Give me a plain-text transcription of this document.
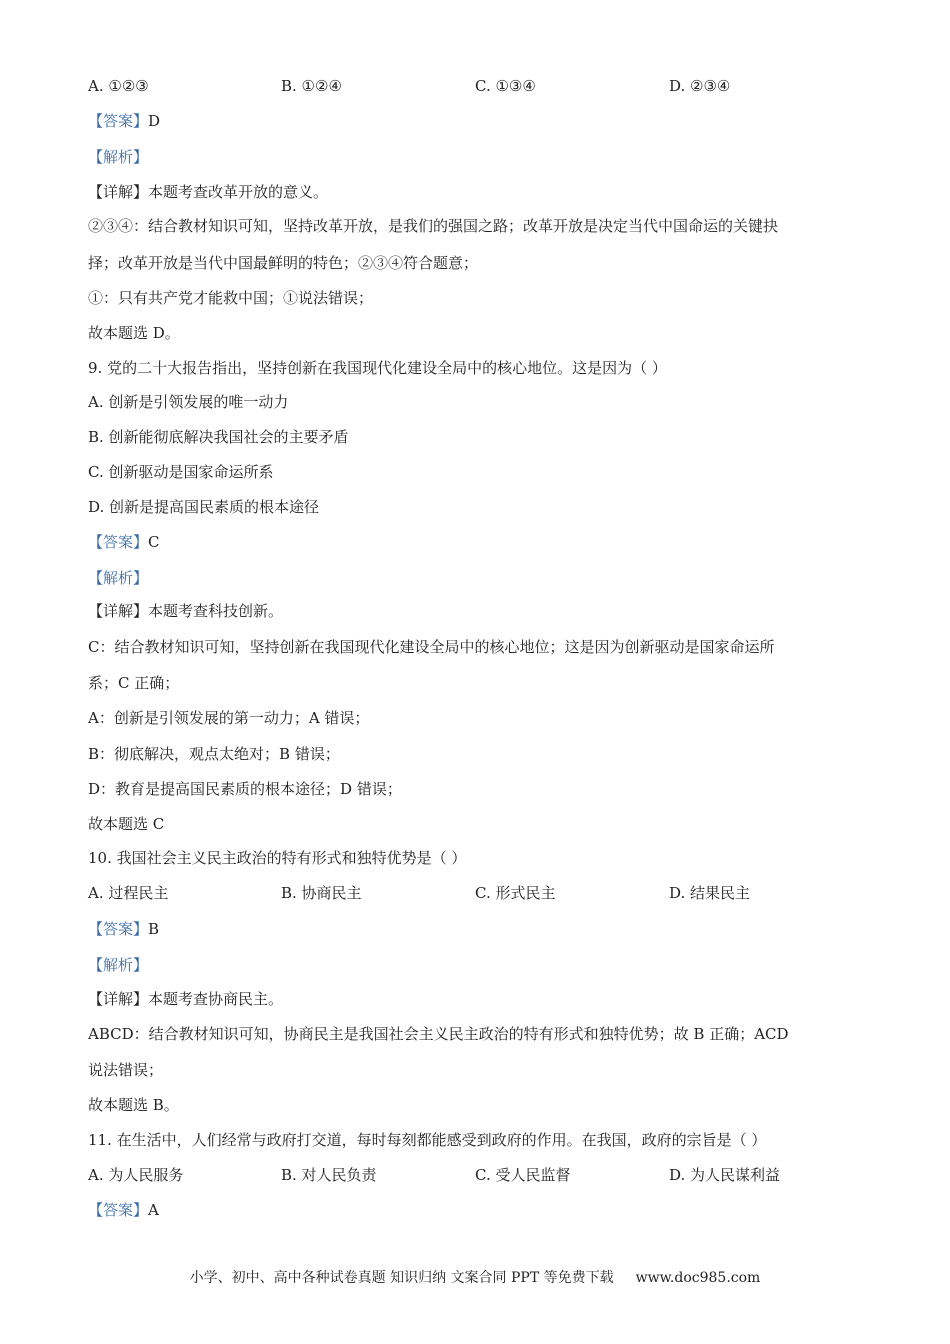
A. ①②③	B. ①②④	C. ①③④	D. ②③④
【答案】D
【解析】
【详解】本题考查改革开放的意义。
②③④：结合教材知识可知，坚持改革开放，是我们的强国之路；改革开放是决定当代中国命运的关键抉
择；改革开放是当代中国最鲜明的特色；②③④符合题意；
①：只有共产党才能救中国；①说法错误；
故本题选 D。
9. 党的二十大报告指出，坚持创新在我国现代化建设全局中的核心地位。这是因为（ ）
A. 创新是引领发展的唯一动力
B. 创新能彻底解决我国社会的主要矛盾
C. 创新驱动是国家命运所系
D. 创新是提高国民素质的根本途径
【答案】C
【解析】
【详解】本题考查科技创新。
C：结合教材知识可知，坚持创新在我国现代化建设全局中的核心地位；这是因为创新驱动是国家命运所
系；C 正确；
A：创新是引领发展的第一动力；A 错误；
B：彻底解决，观点太绝对；B 错误；
D：教育是提高国民素质的根本途径；D 错误；
故本题选 C
10. 我国社会主义民主政治的特有形式和独特优势是（ ）
A. 过程民主	B. 协商民主	C. 形式民主	D. 结果民主
【答案】B
【解析】
【详解】本题考查协商民主。
ABCD：结合教材知识可知，协商民主是我国社会主义民主政治的特有形式和独特优势；故 B 正确；ACD
说法错误；
故本题选 B。
11. 在生活中，人们经常与政府打交道，每时每刻都能感受到政府的作用。在我国，政府的宗旨是（ ）
A. 为人民服务	B. 对人民负责	C. 受人民监督	D. 为人民谋利益
【答案】A
小学、初中、高中各种试卷真题 知识归纳 文案合同 PPT 等免费下载 www.doc985.com
